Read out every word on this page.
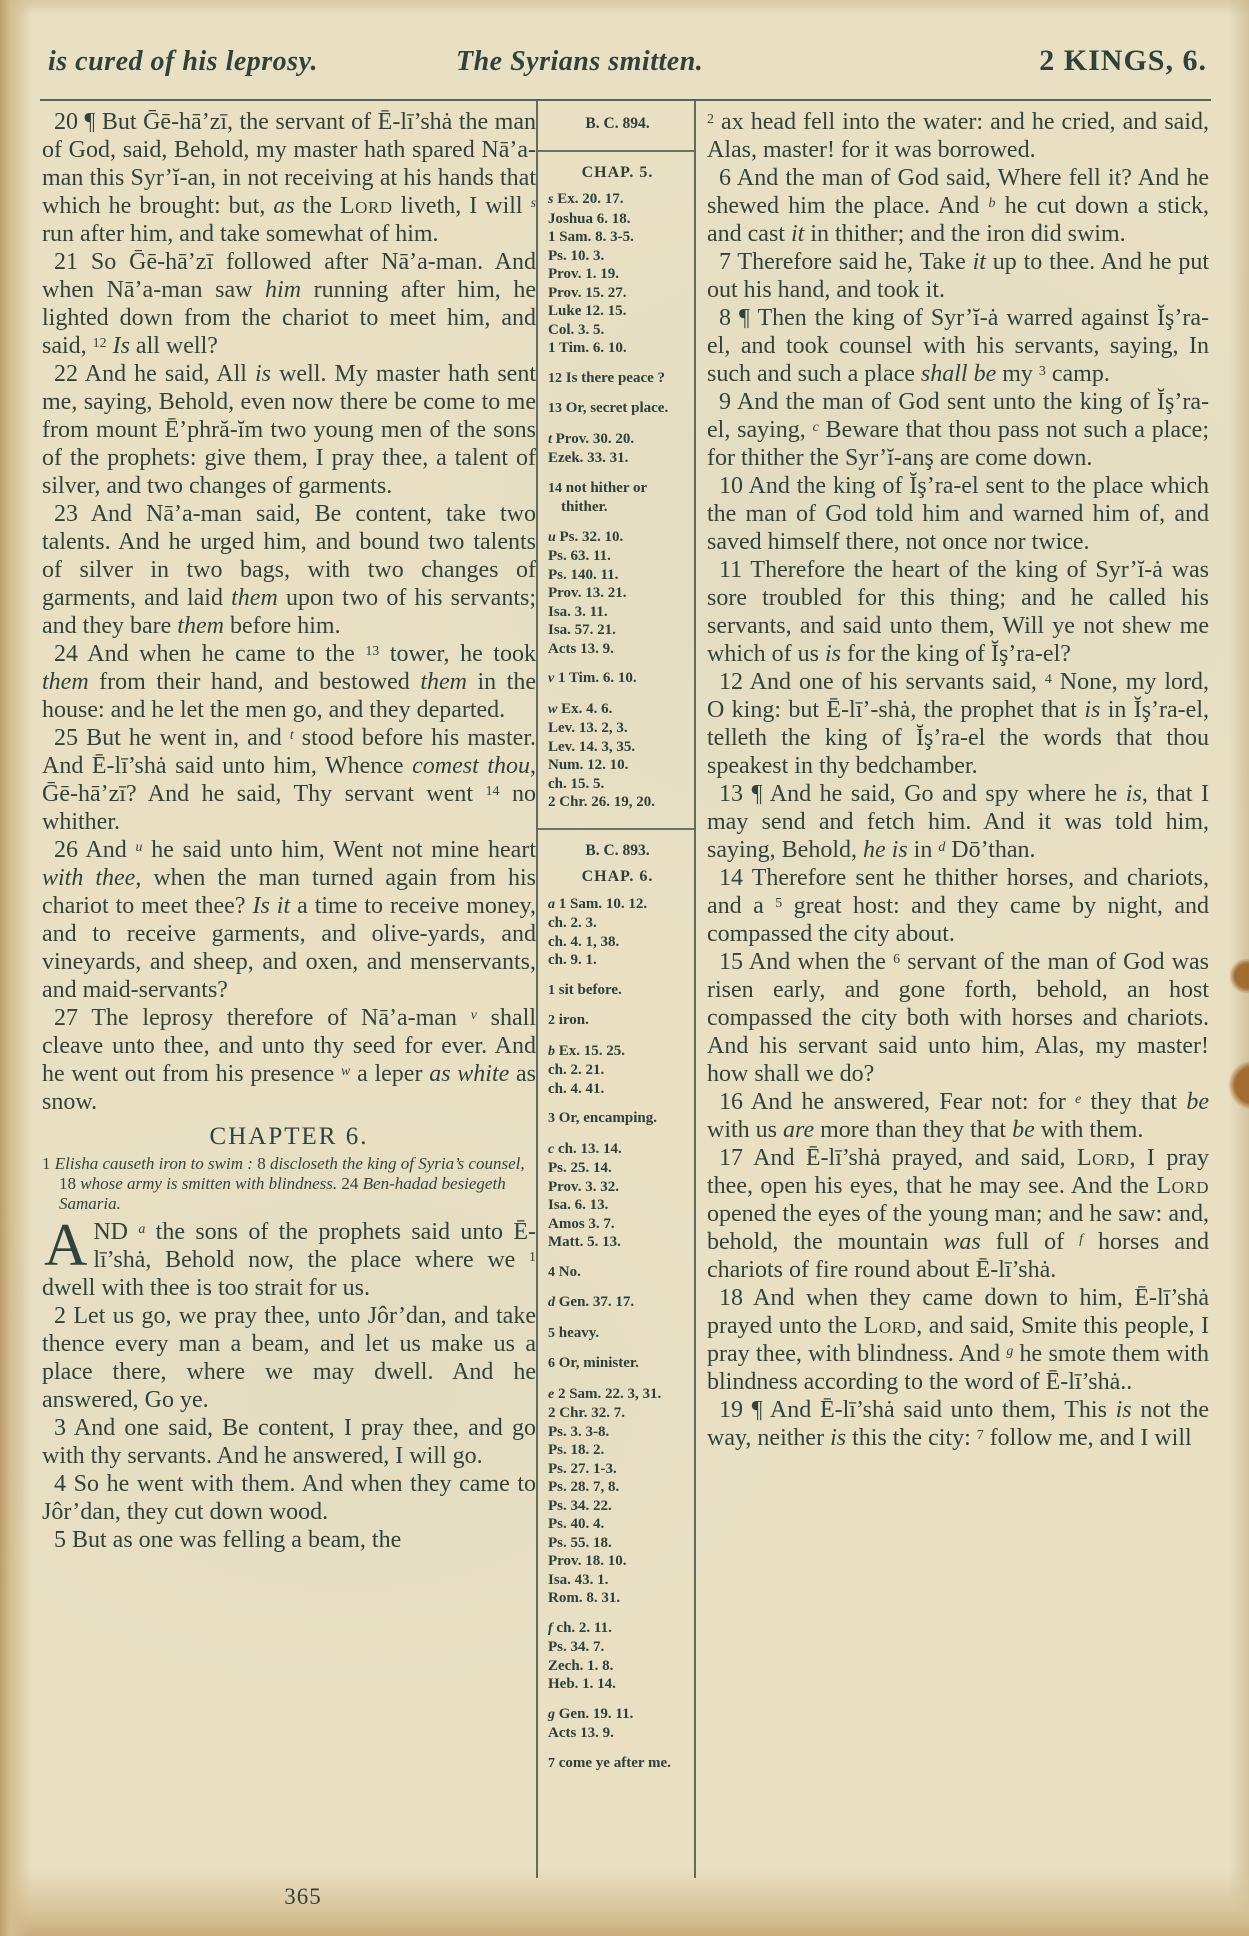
is cured of his leprosy.	The Syrians smitten.	2 KINGS, 6.

20 ¶ But Ḡē-hā’zī, the servant of Ē-lī’shȧ the man of God, said, Behold, my master hath spared Nā’a-man this Syr’ĭ-an, in not receiving at his hands that which he brought: but, as the Lord liveth, I will $^s$ run after him, and take somewhat of him.

21 So Ḡē-hā’zī followed after Nā’a-man. And when Nā’a-man saw him running after him, he lighted down from the chariot to meet him, and said, $^{12}$ Is all well?

22 And he said, All is well. My master hath sent me, saying, Behold, even now there be come to me from mount Ē’phră-ĭm two young men of the sons of the prophets: give them, I pray thee, a talent of silver, and two changes of garments.

23 And Nā’a-man said, Be content, take two talents. And he urged him, and bound two talents of silver in two bags, with two changes of garments, and laid them upon two of his servants; and they bare them before him.

24 And when he came to the $^{13}$ tower, he took them from their hand, and bestowed them in the house: and he let the men go, and they departed.

25 But he went in, and $^t$ stood before his master. And Ē-lī’shȧ said unto him, Whence comest thou, Ḡē-hā’zī? And he said, Thy servant went $^{14}$ no whither.

26 And $^u$ he said unto him, Went not mine heart with thee, when the man turned again from his chariot to meet thee? Is it a time to receive money, and to receive garments, and olive-yards, and vineyards, and sheep, and oxen, and menservants, and maid-servants?

27 The leprosy therefore of Nā’a-man $^v$ shall cleave unto thee, and unto thy seed for ever. And he went out from his presence $^w$ a leper as white as snow.

CHAPTER 6.

1 Elisha causeth iron to swim : 8 discloseth the king of Syria’s counsel, 18 whose army is smitten with blindness. 24 Ben-hadad besiegeth Samaria.

AND $^a$ the sons of the prophets said unto Ē-lī’shȧ, Behold now, the place where we $^1$ dwell with thee is too strait for us.

2 Let us go, we pray thee, unto Jôr’dan, and take thence every man a beam, and let us make us a place there, where we may dwell. And he answered, Go ye.

3 And one said, Be content, I pray thee, and go with thy servants. And he answered, I will go.

4 So he went with them. And when they came to Jôr’dan, they cut down wood.

5 But as one was felling a beam, the

B. C. 894.
CHAP. 5.
s Ex. 20. 17.
Joshua 6. 18.
1 Sam. 8. 3-5.
Ps. 10. 3.
Prov. 1. 19.
Prov. 15. 27.
Luke 12. 15.
Col. 3. 5.
1 Tim. 6. 10.
12 Is there peace ?
13 Or, secret place.
t Prov. 30. 20.
Ezek. 33. 31.
14 not hither or thither.
u Ps. 32. 10.
Ps. 63. 11.
Ps. 140. 11.
Prov. 13. 21.
Isa. 3. 11.
Isa. 57. 21.
Acts 13. 9.
v 1 Tim. 6. 10.
w Ex. 4. 6.
Lev. 13. 2, 3.
Lev. 14. 3, 35.
Num. 12. 10.
ch. 15. 5.
2 Chr. 26. 19, 20.
B. C. 893.
CHAP. 6.
a 1 Sam. 10. 12.
ch. 2. 3.
ch. 4. 1, 38.
ch. 9. 1.
1 sit before.
2 iron.
b Ex. 15. 25.
ch. 2. 21.
ch. 4. 41.
3 Or, encamping.
c ch. 13. 14.
Ps. 25. 14.
Prov. 3. 32.
Isa. 6. 13.
Amos 3. 7.
Matt. 5. 13.
4 No.
d Gen. 37. 17.
5 heavy.
6 Or, minister.
e 2 Sam. 22. 3, 31.
2 Chr. 32. 7.
Ps. 3. 3-8.
Ps. 18. 2.
Ps. 27. 1-3.
Ps. 28. 7, 8.
Ps. 34. 22.
Ps. 40. 4.
Ps. 55. 18.
Prov. 18. 10.
Isa. 43. 1.
Rom. 8. 31.
f ch. 2. 11.
Ps. 34. 7.
Zech. 1. 8.
Heb. 1. 14.
g Gen. 19. 11.
Acts 13. 9.
7 come ye after me.

$^2$ ax head fell into the water: and he cried, and said, Alas, master! for it was borrowed.

6 And the man of God said, Where fell it? And he shewed him the place. And $^b$ he cut down a stick, and cast it in thither; and the iron did swim.

7 Therefore said he, Take it up to thee. And he put out his hand, and took it.

8 ¶ Then the king of Syr’ĭ-ȧ warred against Ĭş’ra-el, and took counsel with his servants, saying, In such and such a place shall be my $^3$ camp.

9 And the man of God sent unto the king of Ĭş’ra-el, saying, $^c$ Beware that thou pass not such a place; for thither the Syr’ĭ-anş are come down.

10 And the king of Ĭş’ra-el sent to the place which the man of God told him and warned him of, and saved himself there, not once nor twice.

11 Therefore the heart of the king of Syr’ĭ-ȧ was sore troubled for this thing; and he called his servants, and said unto them, Will ye not shew me which of us is for the king of Ĭş’ra-el?

12 And one of his servants said, $^4$ None, my lord, O king: but Ē-lī’-shȧ, the prophet that is in Ĭş’ra-el, telleth the king of Ĭş’ra-el the words that thou speakest in thy bedchamber.

13 ¶ And he said, Go and spy where he is, that I may send and fetch him. And it was told him, saying, Behold, he is in $^d$ Dō’than.

14 Therefore sent he thither horses, and chariots, and a $^5$ great host: and they came by night, and compassed the city about.

15 And when the $^6$ servant of the man of God was risen early, and gone forth, behold, an host compassed the city both with horses and chariots. And his servant said unto him, Alas, my master! how shall we do?

16 And he answered, Fear not: for $^e$ they that be with us are more than they that be with them.

17 And Ē-lī’shȧ prayed, and said, Lord, I pray thee, open his eyes, that he may see. And the Lord opened the eyes of the young man; and he saw: and, behold, the mountain was full of $^f$ horses and chariots of fire round about Ē-lī’shȧ.

18 And when they came down to him, Ē-lī’shȧ prayed unto the Lord, and said, Smite this people, I pray thee, with blindness. And $^g$ he smote them with blindness according to the word of Ē-lī’shȧ..

19 ¶ And Ē-lī’shȧ said unto them, This is not the way, neither is this the city: $^7$ follow me, and I will

365
